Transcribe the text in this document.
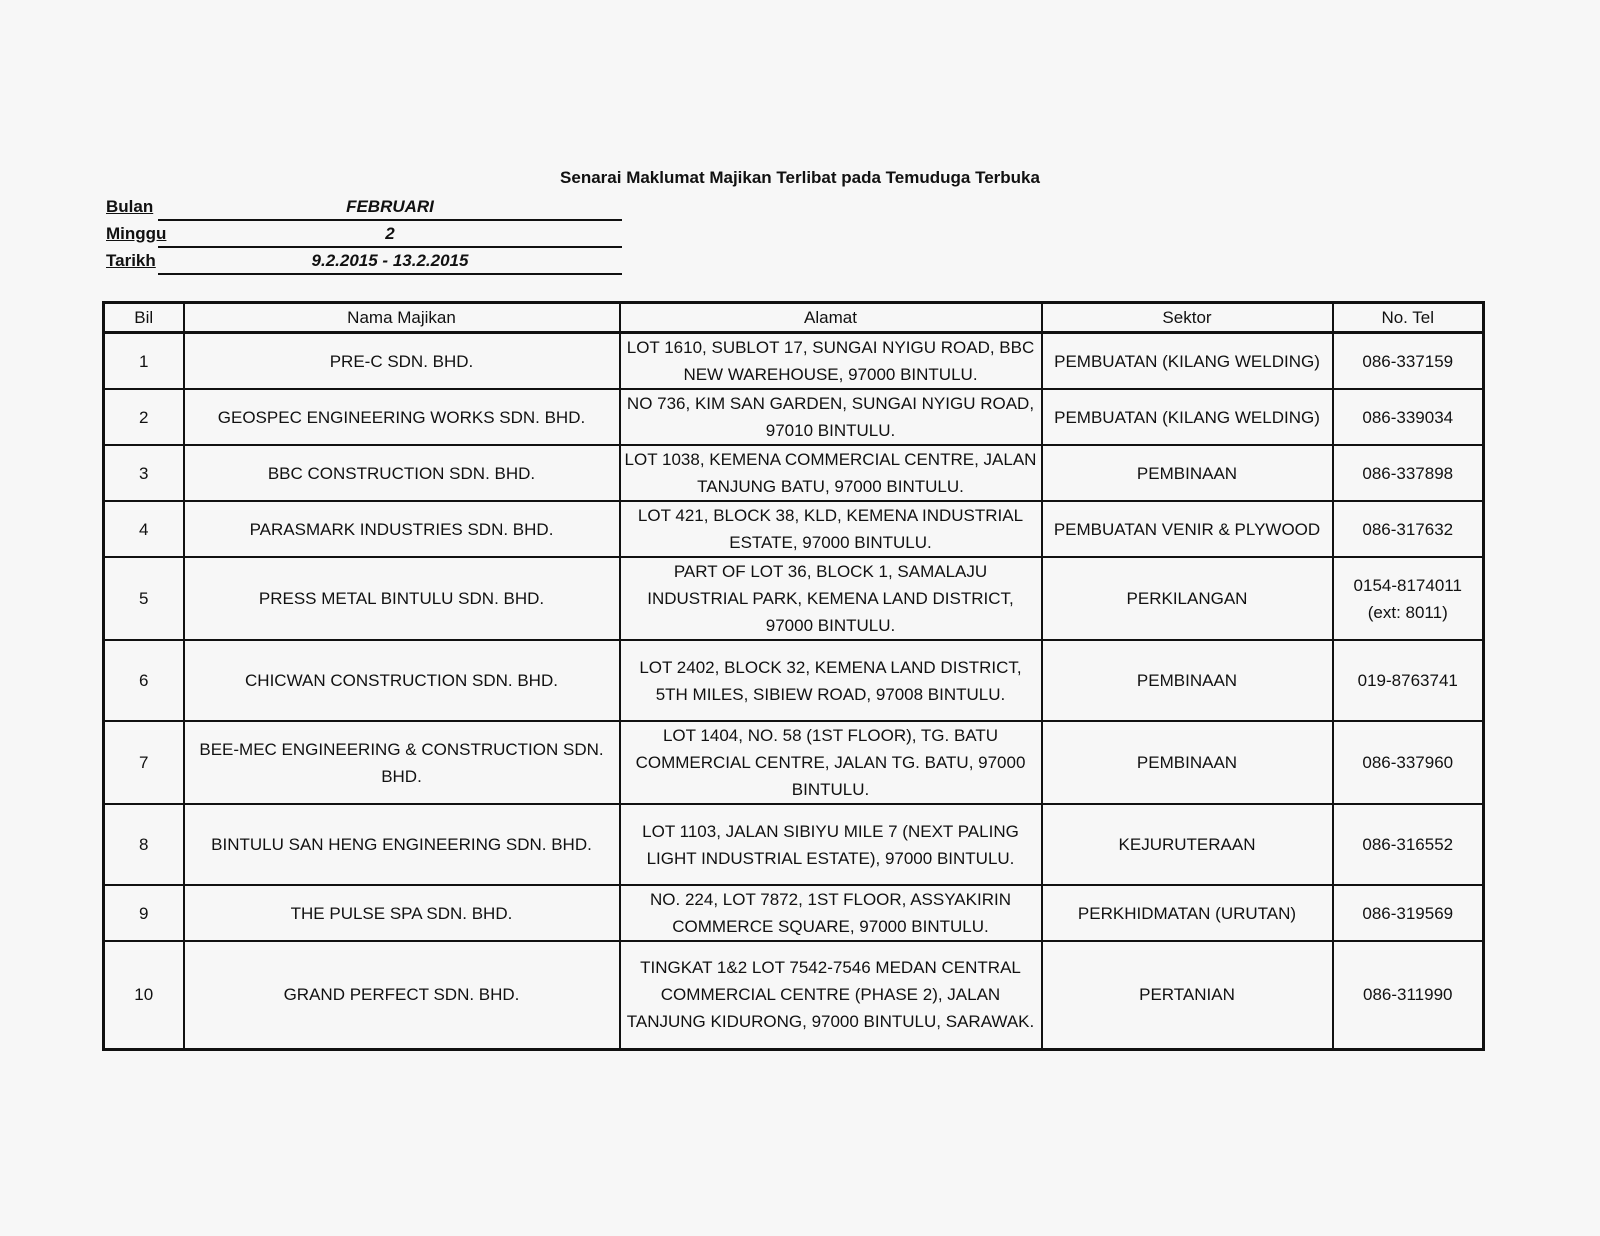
Senarai Maklumat Majikan Terlibat pada Temuduga Terbuka
Bulan	FEBRUARI
Minggu	2
Tarikh	9.2.2015 - 13.2.2015
Bil	Nama Majikan	Alamat	Sektor	No. Tel
1	PRE-C SDN. BHD.	LOT 1610, SUBLOT 17, SUNGAI NYIGU ROAD, BBC NEW WAREHOUSE, 97000 BINTULU.	PEMBUATAN (KILANG WELDING)	086-337159
2	GEOSPEC ENGINEERING WORKS SDN. BHD.	NO 736, KIM SAN GARDEN, SUNGAI NYIGU ROAD, 97010 BINTULU.	PEMBUATAN (KILANG WELDING)	086-339034
3	BBC CONSTRUCTION SDN. BHD.	LOT 1038, KEMENA COMMERCIAL CENTRE, JALAN TANJUNG BATU, 97000 BINTULU.	PEMBINAAN	086-337898
4	PARASMARK INDUSTRIES SDN. BHD.	LOT 421, BLOCK 38, KLD, KEMENA INDUSTRIAL ESTATE, 97000 BINTULU.	PEMBUATAN VENIR & PLYWOOD	086-317632
5	PRESS METAL BINTULU SDN. BHD.	PART OF LOT 36, BLOCK 1, SAMALAJU INDUSTRIAL PARK, KEMENA LAND DISTRICT, 97000 BINTULU.	PERKILANGAN	0154-8174011 (ext: 8011)
6	CHICWAN CONSTRUCTION SDN. BHD.	LOT 2402, BLOCK 32, KEMENA LAND DISTRICT, 5TH MILES, SIBIEW ROAD, 97008 BINTULU.	PEMBINAAN	019-8763741
7	BEE-MEC ENGINEERING & CONSTRUCTION SDN. BHD.	LOT 1404, NO. 58 (1ST FLOOR), TG. BATU COMMERCIAL CENTRE, JALAN TG. BATU, 97000 BINTULU.	PEMBINAAN	086-337960
8	BINTULU SAN HENG ENGINEERING SDN. BHD.	LOT 1103, JALAN SIBIYU MILE 7 (NEXT PALING LIGHT INDUSTRIAL ESTATE), 97000 BINTULU.	KEJURUTERAAN	086-316552
9	THE PULSE SPA SDN. BHD.	NO. 224, LOT 7872, 1ST FLOOR, ASSYAKIRIN COMMERCE SQUARE, 97000 BINTULU.	PERKHIDMATAN (URUTAN)	086-319569
10	GRAND PERFECT SDN. BHD.	TINGKAT 1&2 LOT 7542-7546 MEDAN CENTRAL COMMERCIAL CENTRE (PHASE 2), JALAN TANJUNG KIDURONG, 97000 BINTULU, SARAWAK.	PERTANIAN	086-311990
